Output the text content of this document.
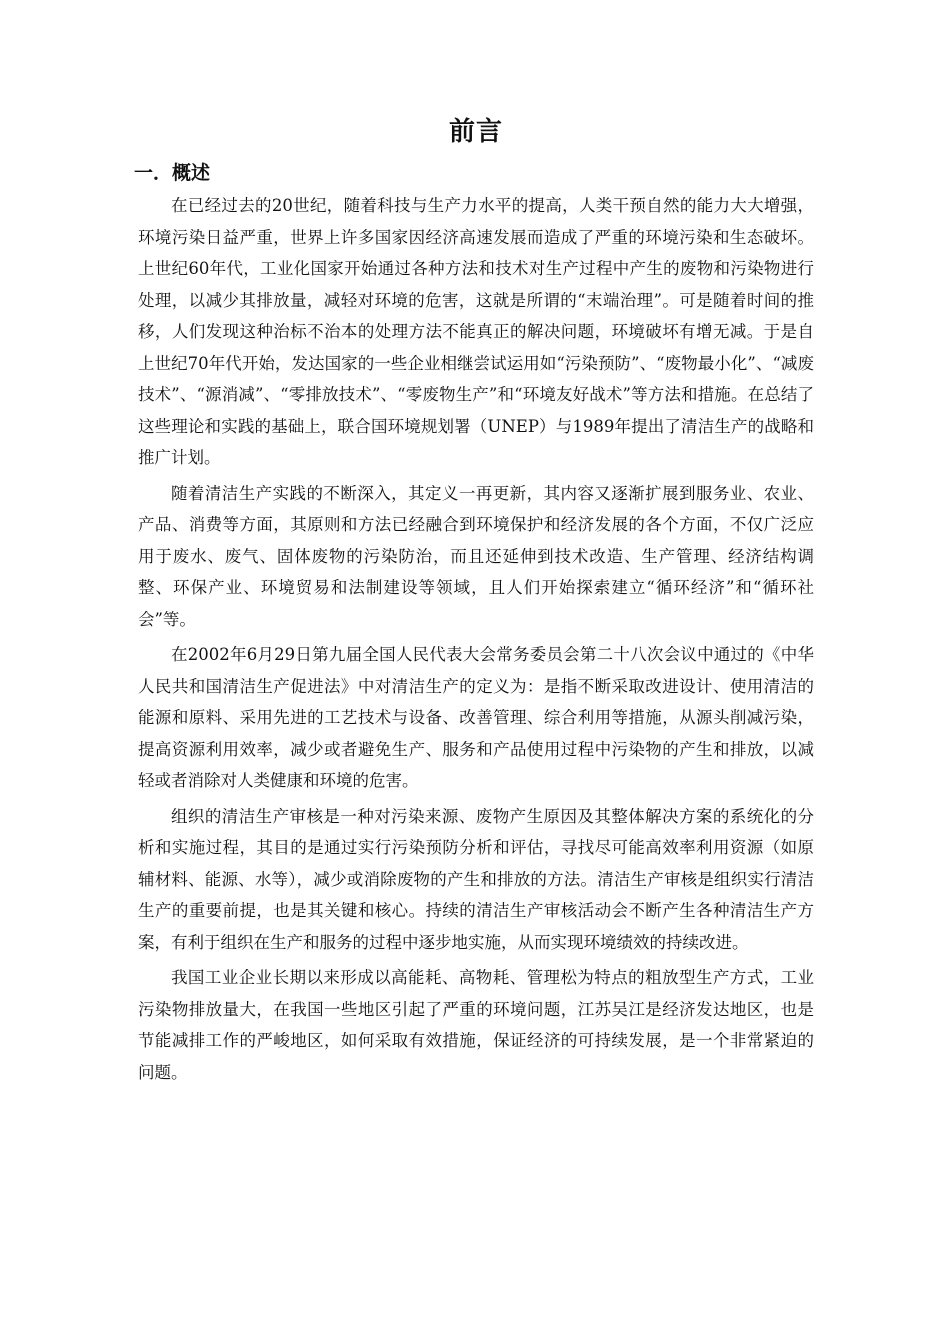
前言
一．概述

在已经过去的20世纪，随着科技与生产力水平的提高，人类干预自然的能力大大增强，环境污染日益严重，世界上许多国家因经济高速发展而造成了严重的环境污染和生态破坏。上世纪60年代，工业化国家开始通过各种方法和技术对生产过程中产生的废物和污染物进行处理，以减少其排放量，减轻对环境的危害，这就是所谓的“末端治理”。可是随着时间的推移，人们发现这种治标不治本的处理方法不能真正的解决问题，环境破坏有增无减。于是自上世纪70年代开始，发达国家的一些企业相继尝试运用如“污染预防”、“废物最小化”、“减废技术”、“源消减”、“零排放技术”、“零废物生产”和“环境友好战术”等方法和措施。在总结了这些理论和实践的基础上，联合国环境规划署（UNEP）与1989年提出了清洁生产的战略和推广计划。

随着清洁生产实践的不断深入，其定义一再更新，其内容又逐渐扩展到服务业、农业、产品、消费等方面，其原则和方法已经融合到环境保护和经济发展的各个方面，不仅广泛应用于废水、废气、固体废物的污染防治，而且还延伸到技术改造、生产管理、经济结构调整、环保产业、环境贸易和法制建设等领域，且人们开始探索建立“循环经济”和“循环社会”等。

在2002年6月29日第九届全国人民代表大会常务委员会第二十八次会议中通过的《中华人民共和国清洁生产促进法》中对清洁生产的定义为：是指不断采取改进设计、使用清洁的能源和原料、采用先进的工艺技术与设备、改善管理、综合利用等措施，从源头削减污染，提高资源利用效率，减少或者避免生产、服务和产品使用过程中污染物的产生和排放，以减轻或者消除对人类健康和环境的危害。

组织的清洁生产审核是一种对污染来源、废物产生原因及其整体解决方案的系统化的分析和实施过程，其目的是通过实行污染预防分析和评估，寻找尽可能高效率利用资源（如原辅材料、能源、水等），减少或消除废物的产生和排放的方法。清洁生产审核是组织实行清洁生产的重要前提，也是其关键和核心。持续的清洁生产审核活动会不断产生各种清洁生产方案，有利于组织在生产和服务的过程中逐步地实施，从而实现环境绩效的持续改进。

我国工业企业长期以来形成以高能耗、高物耗、管理松为特点的粗放型生产方式，工业污染物排放量大，在我国一些地区引起了严重的环境问题，江苏吴江是经济发达地区，也是节能减排工作的严峻地区，如何采取有效措施，保证经济的可持续发展，是一个非常紧迫的问题。
